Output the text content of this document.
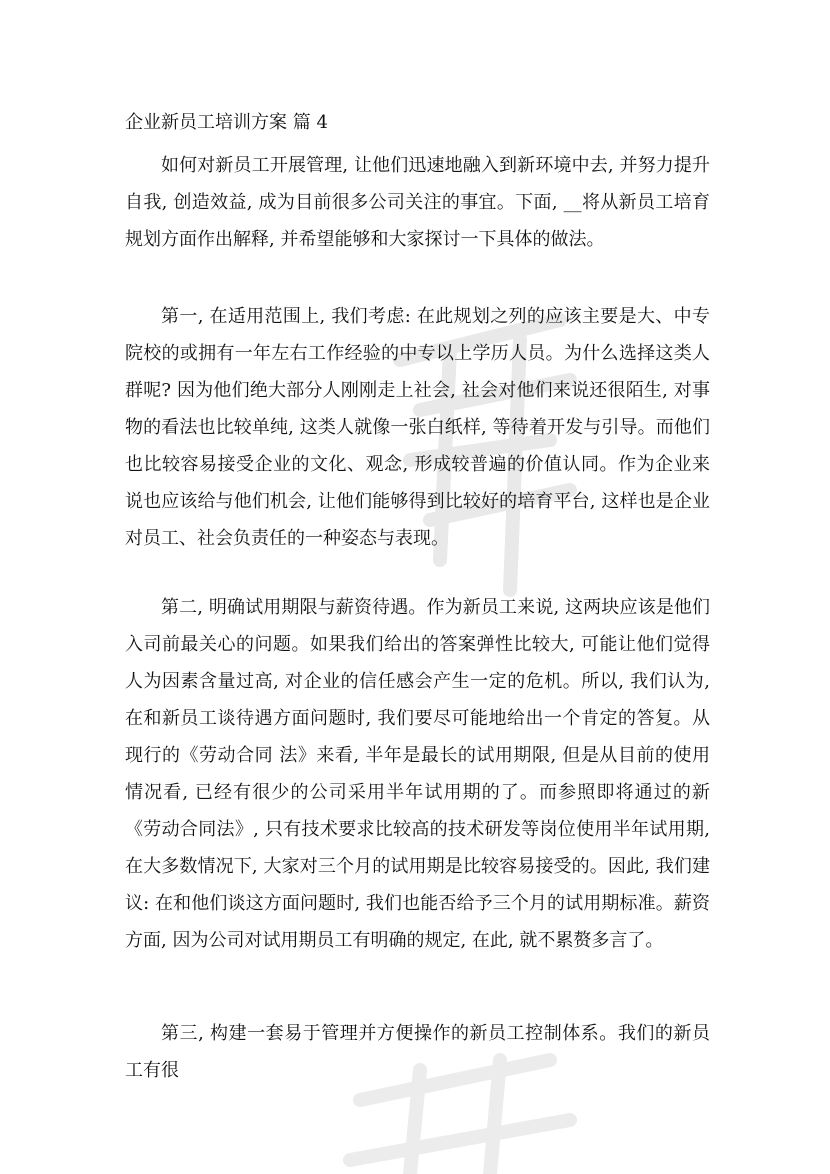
企业新员工培训方案 篇 4

如何对新员工开展管理, 让他们迅速地融入到新环境中去, 并努力提升自我, 创造效益, 成为目前很多公司关注的事宜。下面, __将从新员工培育规划方面作出解释, 并希望能够和大家探讨一下具体的做法。

第一, 在适用范围上, 我们考虑: 在此规划之列的应该主要是大、中专院校的或拥有一年左右工作经验的中专以上学历人员。为什么选择这类人群呢? 因为他们绝大部分人刚刚走上社会, 社会对他们来说还很陌生, 对事物的看法也比较单纯, 这类人就像一张白纸样, 等待着开发与引导。而他们也比较容易接受企业的文化、观念, 形成较普遍的价值认同。作为企业来说也应该给与他们机会, 让他们能够得到比较好的培育平台, 这样也是企业对员工、社会负责任的一种姿态与表现。

第二, 明确试用期限与薪资待遇。作为新员工来说, 这两块应该是他们入司前最关心的问题。如果我们给出的答案弹性比较大, 可能让他们觉得人为因素含量过高, 对企业的信任感会产生一定的危机。所以, 我们认为, 在和新员工谈待遇方面问题时, 我们要尽可能地给出一个肯定的答复。从现行的《劳动合同 法》来看, 半年是最长的试用期限, 但是从目前的使用情况看, 已经有很少的公司采用半年试用期的了。而参照即将通过的新《劳动合同法》, 只有技术要求比较高的技术研发等岗位使用半年试用期, 在大多数情况下, 大家对三个月的试用期是比较容易接受的。因此, 我们建议: 在和他们谈这方面问题时, 我们也能否给予三个月的试用期标准。薪资方面, 因为公司对试用期员工有明确的规定, 在此, 就不累赘多言了。

第三, 构建一套易于管理并方便操作的新员工控制体系。我们的新员工有很
